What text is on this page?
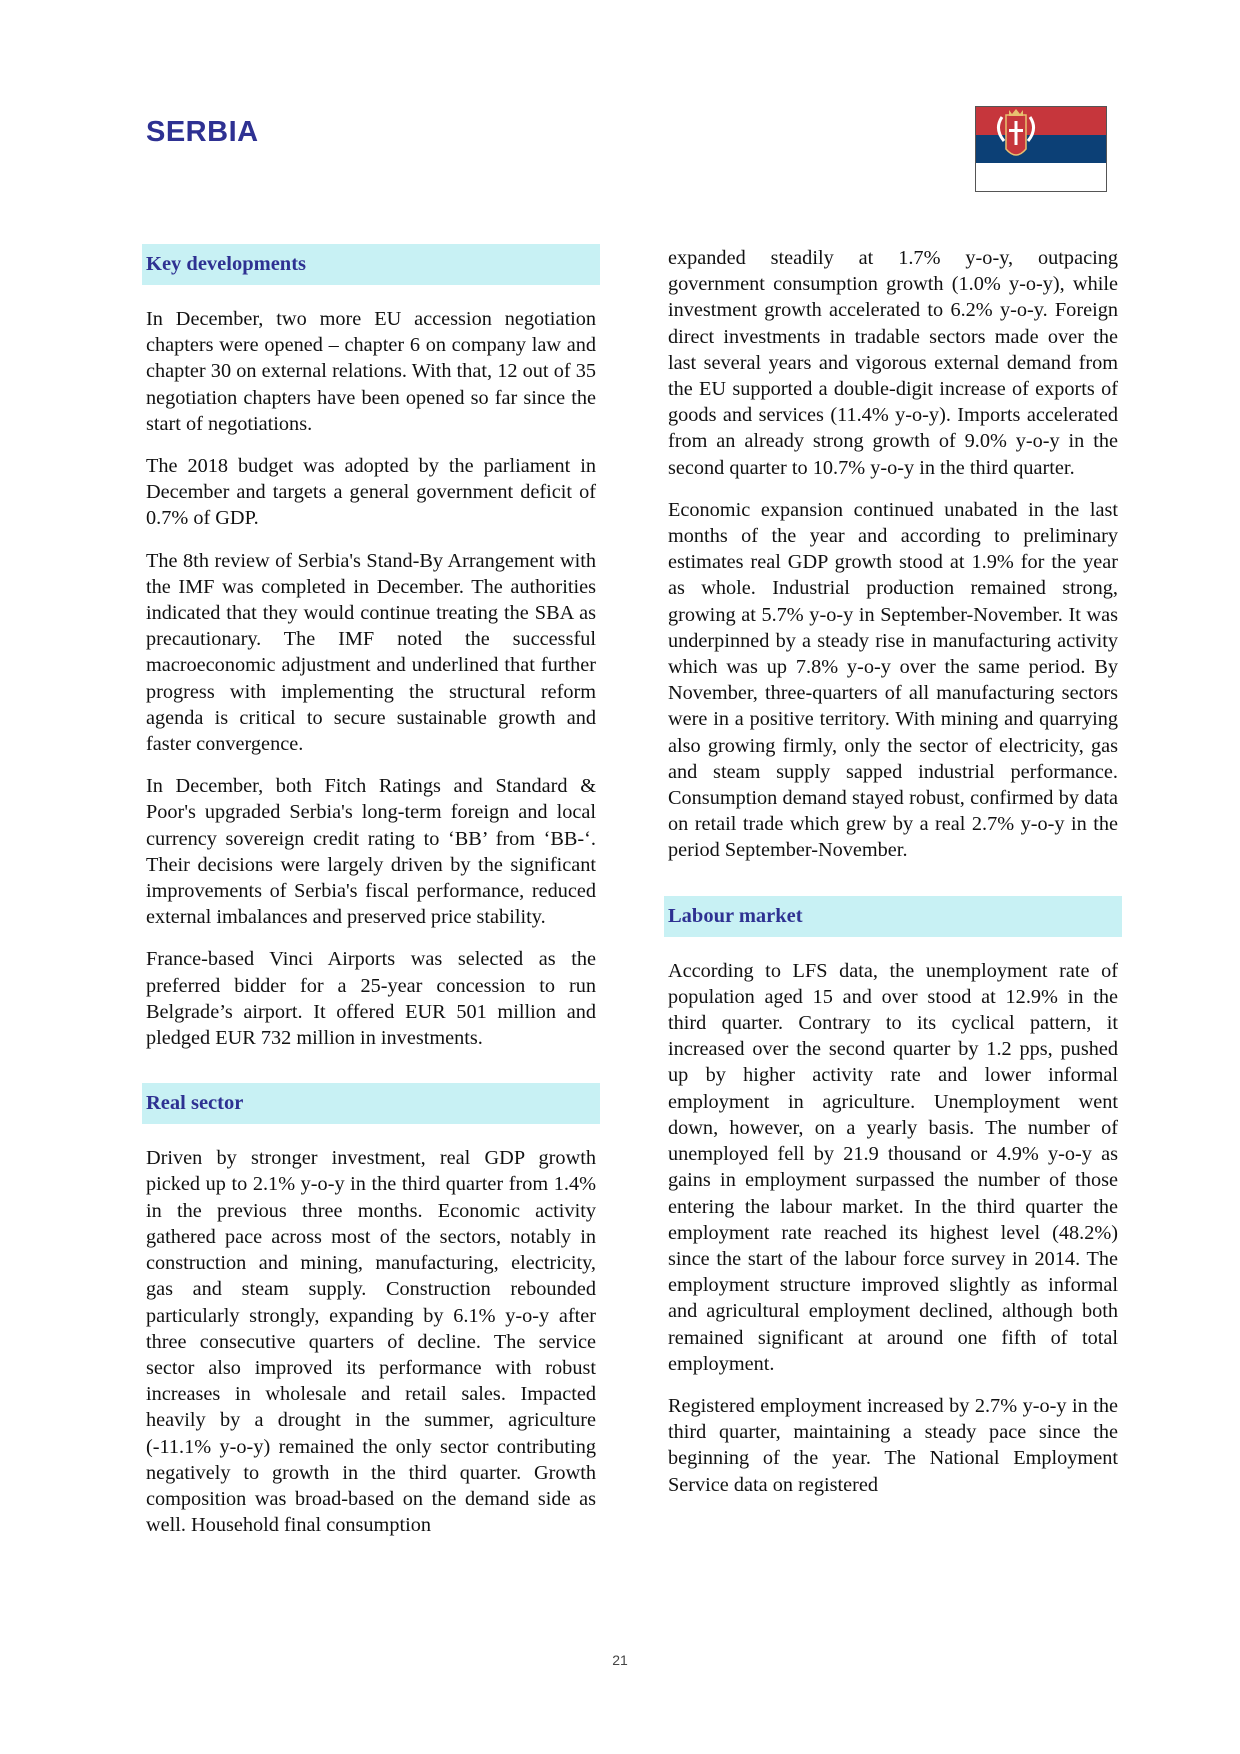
SERBIA
Key developments

In December, two more EU accession negotiation chapters were opened – chapter 6 on company law and chapter 30 on external relations. With that, 12 out of 35 negotiation chapters have been opened so far since the start of negotiations.

The 2018 budget was adopted by the parliament in December and targets a general government deficit of 0.7% of GDP.

The 8th review of Serbia's Stand-By Arrangement with the IMF was completed in December. The authorities indicated that they would continue treating the SBA as precautionary. The IMF noted the successful macroeconomic adjustment and underlined that further progress with implementing the structural reform agenda is critical to secure sustainable growth and faster convergence.

In December, both Fitch Ratings and Standard & Poor's upgraded Serbia's long-term foreign and local currency sovereign credit rating to ‘BB’ from ‘BB-‘. Their decisions were largely driven by the significant improvements of Serbia's fiscal performance, reduced external imbalances and preserved price stability.

France-based Vinci Airports was selected as the preferred bidder for a 25-year concession to run Belgrade’s airport. It offered EUR 501 million and pledged EUR 732 million in investments.

Real sector

Driven by stronger investment, real GDP growth picked up to 2.1% y-o-y in the third quarter from 1.4% in the previous three months. Economic activity gathered pace across most of the sectors, notably in construction and mining, manufacturing, electricity, gas and steam supply. Construction rebounded particularly strongly, expanding by 6.1% y-o-y after three consecutive quarters of decline. The service sector also improved its performance with robust increases in wholesale and retail sales. Impacted heavily by a drought in the summer, agriculture (-11.1% y-o-y) remained the only sector contributing negatively to growth in the third quarter. Growth composition was broad-based on the demand side as well. Household final consumption

expanded steadily at 1.7% y-o-y, outpacing government consumption growth (1.0% y-o-y), while investment growth accelerated to 6.2% y-o-y. Foreign direct investments in tradable sectors made over the last several years and vigorous external demand from the EU supported a double-digit increase of exports of goods and services (11.4% y-o-y). Imports accelerated from an already strong growth of 9.0% y-o-y in the second quarter to 10.7% y-o-y in the third quarter.

Economic expansion continued unabated in the last months of the year and according to preliminary estimates real GDP growth stood at 1.9% for the year as whole. Industrial production remained strong, growing at 5.7% y-o-y in September-November. It was underpinned by a steady rise in manufacturing activity which was up 7.8% y-o-y over the same period. By November, three-quarters of all manufacturing sectors were in a positive territory. With mining and quarrying also growing firmly, only the sector of electricity, gas and steam supply sapped industrial performance. Consumption demand stayed robust, confirmed by data on retail trade which grew by a real 2.7% y-o-y in the period September-November.

Labour market

According to LFS data, the unemployment rate of population aged 15 and over stood at 12.9% in the third quarter. Contrary to its cyclical pattern, it increased over the second quarter by 1.2 pps, pushed up by higher activity rate and lower informal employment in agriculture. Unemployment went down, however, on a yearly basis. The number of unemployed fell by 21.9 thousand or 4.9% y-o-y as gains in employment surpassed the number of those entering the labour market. In the third quarter the employment rate reached its highest level (48.2%) since the start of the labour force survey in 2014. The employment structure improved slightly as informal and agricultural employment declined, although both remained significant at around one fifth of total employment.

Registered employment increased by 2.7% y-o-y in the third quarter, maintaining a steady pace since the beginning of the year. The National Employment Service data on registered

21
